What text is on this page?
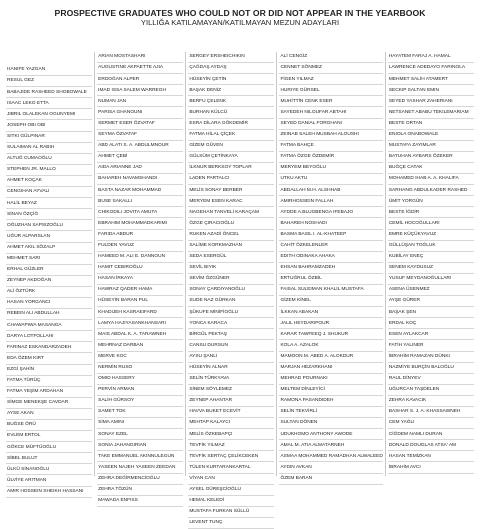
PROSPECTIVE GRADUATES WHO COULD NOT OR DID NOT APPEAR IN THE YEARBOOK
YILLIĞA KATILAMAYAN/KATILMAYAN MEZUN ADAYLARI
HANIFE YAZGAN
RESUL GEZ
BABAJIDE RASHEED SHOBOWALE
ISAAC LEKO ETTA
JIBRIL OLALEKAN OGUNYEMI
JOSEPH OBI OBI
SITKI GÜLPINAR
SULAIMAN AL RABIH
ALTUĞ CUMAOĞLU
STEPHEN JR. MALLO
AHMET KOÇAK
CENGIHAN AYVALI
HALİL BEYAZ
SİNAN ÖZÇİĞ
OĞUZHAN SAPSIZOĞLU
UĞUR ALPARSLAN
AHMET AKIL SÖZALP
MEHMET SARI
ERHAL GÜZLER
ZEYNEP AKDOĞAN
ALİ ÖZTÜRK
HASAN YORGANCI
REBEIN ALI ABDULLAH
CHAWAPIWA MASANGA
DARYA LOTFOLLAHI
FARINAZ ESKANDARZADEH
EDA ÖZEM KIRT
EZGİ ŞAHİN
FATMA TÜRÜÇ
FATMA YEŞİM ARDAHAN
SİMGE MENEKŞE CAVDAR
AYSE AKAN
BUĞSE ÖRÜ
EVLEM ERTOL
GÖKCE MÜFTÜOĞLU
SİBEL BULUT
ÜLKÜ SİNANOĞLU
ÜLVİYE ARITMAN
AMIR HOSSEIN SHEIKH HASSANI
ARIAN MOSTASHARI
AUGUSTINE AKPAETTE AJIA
ERDOĞAN ALPER
IMAD ISSA SALEM WARREGH
NUMAN JAN
PARISA GHANOUNI
SERMET ESER ÖZVATAF
SEYMA ÖZVATAF
ABD ALATI S. A. ABDULMNOUR
AHMET ÇEBİ
AIDA ARIANNE JAD
BAHAREH NAVAMSHANDI
BASTA NAZAR MOHAMMAD
BUSE SAKALLI
CHIKODILI JOVITA AMUTA
EBRAHIM MOHAMMADKARIMI
FARIDA ABDUR
FULDEN YAVUZ
HAMEED M. ALI E. DANNOUN
HAMIT CEBIROĞLU
HASAN İRKAYA
HAWRAZ QADER HAMA
HÜSEYİN BARAN PUL
KHADIJEH KASRAEIFARD
LAMYA HAJIYASANKHANSARI
MAIS ABDAL K. A. TARAWNEH
MEHRNAZ DARBAN
MERVE KOC
NERMİN RUSO
OMID HASSERY
PERVİN ARMAN
SALİH GÜRSOY
SAMET TOK
SİMA AMINI
SONAY EZEL
SONIA JAHANGIRIAN
TAKE EMMANUEL AKINNULEGUN
YASEEN NAJEH YASEEN ZEEDAN
ZEHRA DEĞİRMENCİOĞLU
ZEHRA TÖZÜN
MAWADA ENFISS
SERGEY ERSHEICHIKIN
ÇAĞDAŞ AYDAŞ
HÜSEYİN ÇETİN
BAŞAK DENİZ
BERFU ÇELENK
BURHAN KÜLCÜ
ESRA DİLARA GÖKDEMİR
FATMA HİLAL ÇİÇEK
GİZEM GÜVEN
GÜLSÜM ÇETİNKAYA
İLKNUR BERKSOY TOPLAR
LADEN PARTALCI
MELİS SONAY BERBER
MERYEM ESEN KARAC
NAGEHAN TANVELİ KARAÇAM
ÖZGE ÇIRACIOĞLU
RUKEN AZADİ ÖNCEL
SALİME KORKMAZHAN
SEDA ESERGÜL
SEVİL BIYIK
SEVİM ÖZGÜNER
SONAY ÇARDIYANOĞLU
SUDE NAZ GÜRKAN
ŞÜKUFE MİNİFİOĞLU
YONCA KARACA
BİRGÜL PEKTAŞ
CANSU DURSUN
AYSU ŞANLI
HÜSEYİN ALNAR
SELİN TÜRKYAVA
SİNEM SÖYLEMEZ
ZEYNEP AHANTAR
HAVVA BUKET ECEVİT
MEHTAP KALAYCI
MELİS ÖZKEBAPÇI
TEVFİK YILMAZ
TEVFİK SERTAÇ ÇELİKCEKEN
TÜLEN KURTARANKARTAL
VİYAN CAN
AYSEL GÜREŞCİOĞLU
HEMAL KELEDİ
MUSTAFA FURKAN SÜLLÜ
LEVENT TUNÇ
ALİ CENGİZ
CENNET SÖNMEZ
FİGEN YILMAZ
HURIYE GÜRSEL
MUHİTTİN CENK ESER
SAYEDEH NILOUFAR ABTAHI
SEYED DANIAL FORGHANI
ZEINAB SALEH MUSBAH ALOUSHI
FATMA BAHÇE
FATMA ÖZGE ÖZDEMİR
MERYEM BEYOĞLU
UTKU AKTU
ABDALLAH M.H. ALSHHAB
AMIRHOSSEIN FALLAH
AYDDE A.BLUGBENGA IFEBAJO
BAHAREH NOSHADI
BASMA BASIL I. AL-KHATEEP
CAHİT ÖZKELENLER
EDITH ODINAKA AHAKA
EHSAN BAHRAMZADEH
ERTUĞRUL ÖZBİL
FAISAL SULEIMAN KHALIL MUSTAFA
GİZEM KİNEL
İLKKAN ABAKAN
JALIL HEYDARIPOUR
KARAR TAWFEEQ J. SHUKUR
KOLA A. AZALOK
MAMOON M. ABED A. ALOKDUR
MARJAN HEZARKHANI
MEHRAD POURNAKI
MELTEM DİNLEYİCİ
RAMONA PASANDIDEH
SELİN TEKVİRLİ
SULTAN DÖNEN
UDUKHOMO ANTHONY AWODE
AMAL M. ATIA ALMATARNEH
ASMAA MOHAMMED RAMADHAN ALWALEED
AYDIN AVKAN
ÖZEM BARAN
HAYATEM FARAJ A. HAMAL
LAWRENCE ADEDAYO FARINOLA
MEHMET SALİH ATAMERT
SECKIP SALTAN EMIN
SEYED YASHAR ZAHERIANI
NETSANET ABABU TEKILEMARIAM
BESTE ORTAN
ENIOLA ONABOWALE
MUSTAFA ZAYIMLAR
BATUHAN AYBARS ÖZEKER
BUĞÇE CATAK
MOHAMED IHAB A. A. KHALIFA
SARHANG ABDULKADER RASHED
ÜMİT YORGÜN
BESTE İĞDİR
CEMİL HOCOĞULLARI
EMRE KÜÇÜKYAVUZ
GÜLLÜŞAN TOĞLUK
KUBİLAY ENEÇ
SENEM KAYDUSUZ
YUSUF MEYDANOĞULLARI
ASENA ÜSENMEZ
AYŞE GÜRER
BAŞAK ŞEN
ERDAL KOÇ
ESEN AYLAKCAR
FATİH YALINER
İBRAHİM RAMAZAN DÜNKI
NAZMİYE BURÇİN BALOĞLU
RAUL DİNYEV
UĞURCAN TAŞDELEN
ZEHRA KAVACIK
BASHAR S. J. A. KHASSAWNEH
CEM YAĞLI
CİĞDEM NAMLI DURAN
DONALD DOUGLAS ATSA' AM
HASAN TEMİZKAN
İBRAHİM AVCI
